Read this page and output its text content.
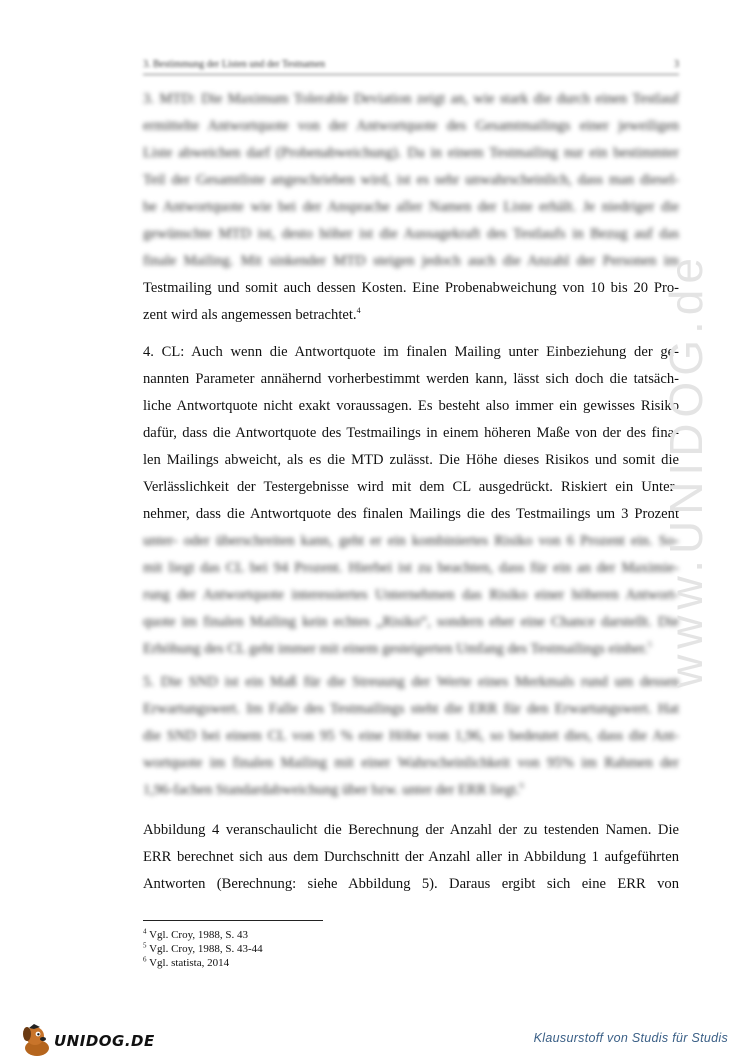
3. Bestimmung der Listen und der Testnamen	3
3. MTD: Die Maximum Tolerable Deviation zeigt an, wie stark die durch einen Testlauf
ermittelte Antwortquote von der Antwortquote des Gesamtmailings einer jeweiligen
Liste abweichen darf (Probenabweichung). Da in einem Testmailing nur ein bestimmter
Teil der Gesamtliste angeschrieben wird, ist es sehr unwahrscheinlich, dass man diesel-
be Antwortquote wie bei der Ansprache aller Namen der Liste erhält. Je niedriger die
gewünschte MTD ist, desto höher ist die Aussagekraft des Testlaufs in Bezug auf das
finale Mailing. Mit sinkender MTD steigen jedoch auch die Anzahl der Personen im
Testmailing und somit auch dessen Kosten. Eine Probenabweichung von 10 bis 20 Pro-
zent wird als angemessen betrachtet.$^4$
4. CL: Auch wenn die Antwortquote im finalen Mailing unter Einbeziehung der ge-
nannten Parameter annähernd vorherbestimmt werden kann, lässt sich doch die tatsäch-
liche Antwortquote nicht exakt voraussagen. Es besteht also immer ein gewisses Risiko
dafür, dass die Antwortquote des Testmailings in einem höheren Maße von der des fina-
len Mailings abweicht, als es die MTD zulässt. Die Höhe dieses Risikos und somit die
Verlässlichkeit der Testergebnisse wird mit dem CL ausgedrückt. Riskiert ein Unter-
nehmer, dass die Antwortquote des finalen Mailings die des Testmailings um 3 Prozent
unter- oder überschreiten kann, geht er ein kombiniertes Risiko von 6 Prozent ein. So-
mit liegt das CL bei 94 Prozent. Hierbei ist zu beachten, dass für ein an der Maximie-
rung der Antwortquote interessiertes Unternehmen das Risiko einer höheren Antwort-
quote im finalen Mailing kein echtes „Risiko“, sondern eher eine Chance darstellt. Die
Erhöhung des CL geht immer mit einem gesteigerten Umfang des Testmailings einher.$^5$
5. Die SND ist ein Maß für die Streuung der Werte eines Merkmals rund um dessen
Erwartungswert. Im Falle des Testmailings steht die ERR für den Erwartungswert. Hat
die SND bei einem CL von 95 % eine Höhe von 1,96, so bedeutet dies, dass die Ant-
wortquote im finalen Mailing mit einer Wahrscheinlichkeit von 95% im Rahmen der
1,96-fachen Standardabweichung über bzw. unter der ERR liegt.$^6$
Abbildung 4 veranschaulicht die Berechnung der Anzahl der zu testenden Namen. Die
ERR berechnet sich aus dem Durchschnitt der Anzahl aller in Abbildung 1 aufgeführten
Antworten (Berechnung: siehe Abbildung 5). Daraus ergibt sich eine ERR von
$^4$ Vgl. Croy, 1988, S. 43
$^5$ Vgl. Croy, 1988, S. 43-44
$^6$ Vgl. statista, 2014
www.UNIDOG.de
UNIDOG.DE	Klausurstoff von Studis für Studis
